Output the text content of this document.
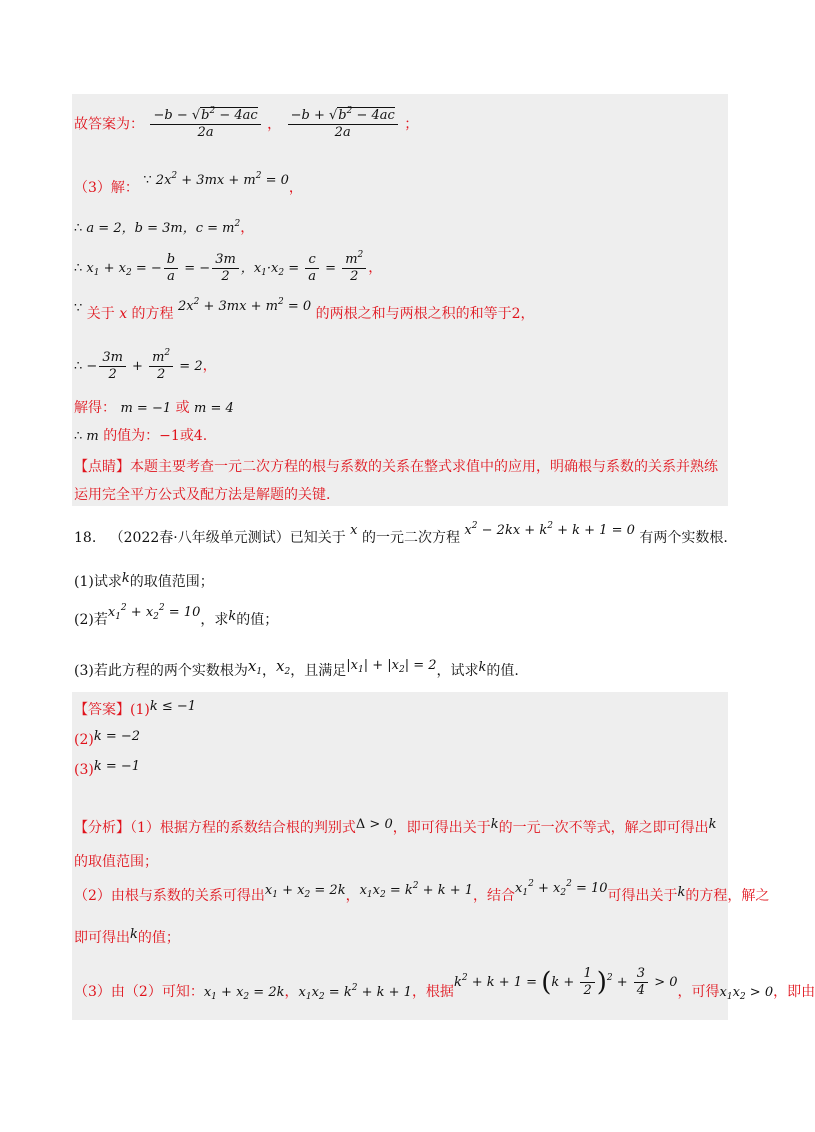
故答案为： $\frac{-b - √b^2 - 4ac}{2a}$ ， $\frac{-b + √b^2 - 4ac}{2a}$ ；
（3）解： ∵ $2x^2 + 3mx + m^2 = 0$，
∴ a = 2，b = 3m，$c = m^2$，
∴ $x_1 + x_2$ = − $\frac{b}{a}$ = − $\frac{3m}{2}$ ，$x_1\cdot x_2 = \frac{c}{a} = \frac{m^2}{2}$ ，
∵ 关于 x 的方程 $2x^2 + 3mx + m^2 = 0$ 的两根之和与两根之积的和等于2，
∴ − $\frac{3m}{2} + \frac{m^2}{2} = 2$，
解得： m = −1 或 m = 4
∴ m 的值为：−1或4.
【点睛】本题主要考查一元二次方程的根与系数的关系在整式求值中的应用，明确根与系数的关系并熟练运用完全平方公式及配方法是解题的关键.
18. （2022春·八年级单元测试）已知关于 x 的一元二次方程 $x^2 - 2kx + k^2 + k + 1 = 0$ 有两个实数根.
(1)试求k的取值范围；
(2)若$x_1^2 + x_2^2 = 10$，求k的值；
(3)若此方程的两个实数根为$x_1$，$x_2$，且满足$|x_1| + |x_2| = 2$，试求k的值.
【答案】(1)k ≤ −1
(2)k = −2
(3)k = −1
【分析】（1）根据方程的系数结合根的判别式Δ > 0，即可得出关于k的一元一次不等式，解之即可得出k
的取值范围；
（2）由根与系数的关系可得出$x_1 + x_2 = 2k$，$x_1x_2 = k^2 + k + 1$，结合$x_1^2 + x_2^2 = 10$可得出关于k的方程，解之
即可得出k的值；
（3）由（2）可知：$x_1 + x_2 = 2k$，$x_1x_2 = k^2 + k + 1$，根据$k^2 + k + 1 = (k + \frac{1}{2} )^2 + \frac{3}{4} > 0$，可得$x_1x_2 > 0$，即由
